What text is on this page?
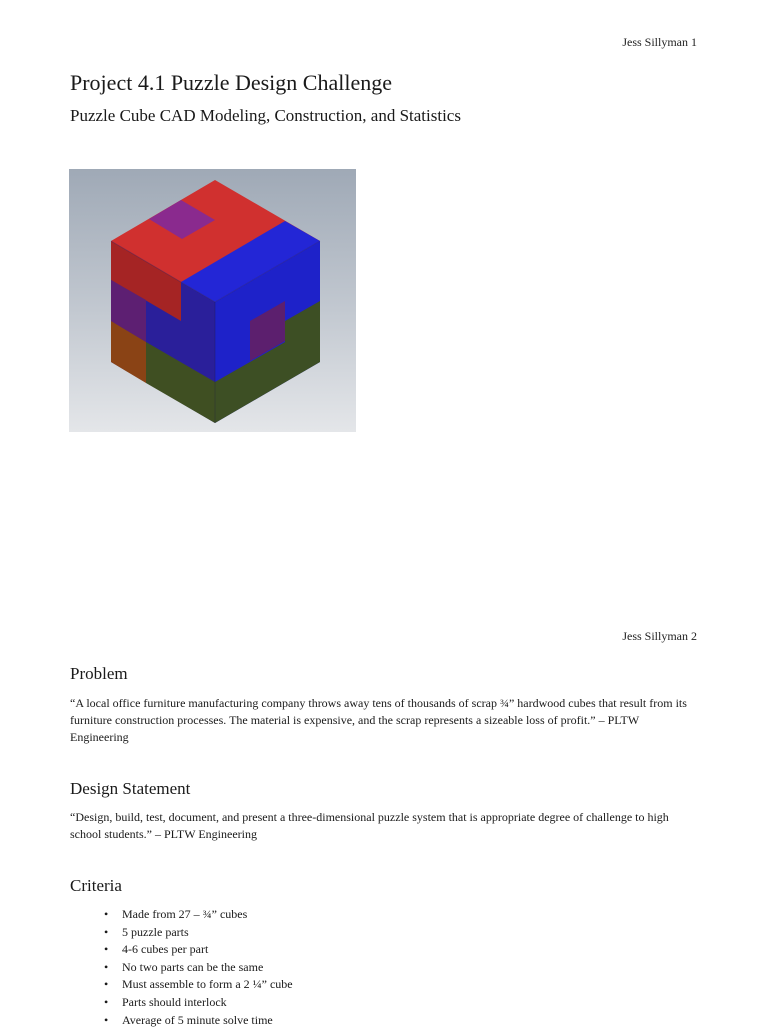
Jess Sillyman 1
Project 4.1 Puzzle Design Challenge
Puzzle Cube CAD Modeling, Construction, and Statistics
Jess Sillyman 2
Problem

“A local office furniture manufacturing company throws away tens of thousands of scrap ¾” hardwood cubes that result from its furniture construction processes. The material is expensive, and the scrap represents a sizeable loss of profit.” – PLTW Engineering

Design Statement

“Design, build, test, document, and present a three-dimensional puzzle system that is appropriate degree of challenge to high school students.” – PLTW Engineering

Criteria
• Made from 27 – ¾” cubes
• 5 puzzle parts
• 4-6 cubes per part
• No two parts can be the same
• Must assemble to form a 2 ¼” cube
• Parts should interlock
• Average of 5 minute solve time
